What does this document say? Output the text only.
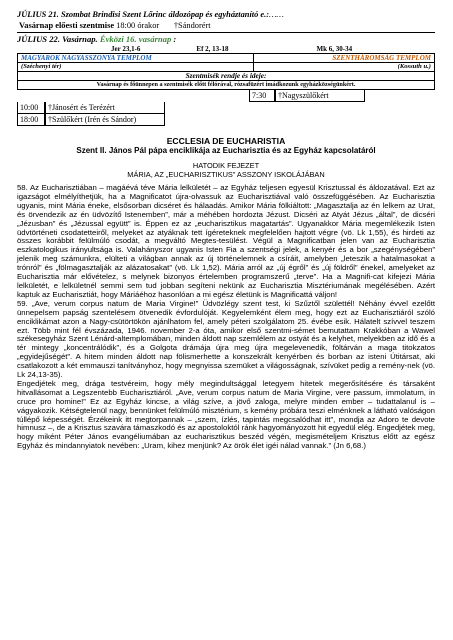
JÚLIUS 21. Szombat Brindisi Szent Lőrinc áldozópap és egyháztanító e.:……
Vasárnap előesti szentmise 18:00 órakor †Sándorért
JÚLIUS 22. Vasárnap. Évközi 16. vasárnap :
Jer 23,1-6	Ef 2, 13-18	Mk 6, 30-34
MAGYAROK NAGYASSZONYA TEMPLOM	SZENTHÁROMSÁG TEMPLOM
(Széchenyi tér)	(Kossuth u.)
Szentmisék rendje és ideje:	
Vasárnap és főünnepen a szentmisék előtt félórával, rózsafüzért imádkozunk egyházközségünkért.	
7:30	†Nagyszülőkért
10:00	†Jánosért és Terézért
18:00	†Szülőkért (Irén és Sándor)
ECCLESIA DE EUCHARISTIA
Szent II. János Pál pápa enciklikája az Eucharisztia és az Egyház kapcsolatáról
HATODIK FEJEZET
MÁRIA, AZ „EUCHARISZTIKUS” ASSZONY ISKOLÁJÁBAN

58. Az Eucharisztiában – magáévá téve Mária lelkületét – az Egyház teljesen egyesül Krisztussal és áldozatával. Ezt az igazságot elmélyíthetjük, ha a Magnificatot újra-olvassuk az Eucharisztiával való összefüggésében. Az Eucharisztia ugyanis, mint Mária éneke, elsősorban dicséret és hálaadás. Amikor Mária fölkiáltott: „Magasztalja az én lelkem az Urat, és örvendezik az én üdvözítő Istenemben”, már a méhében hordozta Jézust. Dicséri az Atyát Jézus „által”, de dicséri „Jézusban” és „Jézussal együtt” is. Éppen ez az „eucharisztikus magatartás”. Ugyanakkor Mária megemlékezik Isten üdvtörténeti csodatetteiről, melyeket az atyáknak tett ígéreteknek megfelelően hajtott végre (vö. Lk 1,55), és hirdeti az összes korábbit felülmúló csodát, a megváltó Megtes-tesülést. Végül a Magnificatban jelen van az Eucharisztia eszkatologikus irányultsága is. Valahányszor ugyanis Isten Fia a szentségi jelek, a kenyér és a bor „szegénységében” jelenik meg számunkra, elülteti a világban annak az új történelemnek a csíráit, amelyben „leteszik a hatalmasokat a trónról” és „fölmagasztalják az alázatosakat” (vö. Lk 1,52). Mária arról az „új égről” és „új földről” énekel, amelyeket az Eucharisztia már elővételez, s melynek bizonyos értelemben programszerű „terve”. Ha a Magnifi-cat kifejezi Mária lelkületét, e lelkületnél semmi sem tud jobban segíteni nekünk az Eucharisztia Misztériumának megélésében. Azért kaptuk az Eucharisztiát, hogy Máriáéhoz hasonlóan a mi egész életünk is Magnificattá váljon!

59. „Ave, verum corpus natum de Maria Virgine!” Üdvözlégy szent test, ki Szűztől születtél! Néhány évvel ezelőtt ünnepelsem papság szentelésem ötvenedik évfordulóját. Kegyelemként élem meg, hogy ezt az Eucharisztiáról szóló enciklikámat azon a Nagy-csütörtökön ajánlhatom fel, amely péteri szolgálatom 25. évébe esik. Hálatelt szívvel teszem ezt. Több mint fél évszázada, 1946. november 2-a óta, amikor első szentmi-sémet bemutattam Krakkóban a Wawel székesegyház Szent Lénárd-altemplomában, minden áldott nap szemlélem az ostyát és a kelyhet, melyekben az idő és a tér mintegy „koncentrálódik”, és a Golgota drámája újra meg újra megelevenedik, föltárván a maga titokzatos „egyidejűségét”. A hitem minden áldott nap fölismerhette a konszekrált kenyérben és borban az isteni Útitársat, aki csatlakozott a két emmauszi tanítványhoz, hogy megnyissa szemüket a világosságnak, szívüket pedig a remény-nek (vö. Lk 24,13-35).

Engedjétek meg, drága testvéreim, hogy mély megindultsággal letegyem hitetek megerősítésére és társaként hitvallásomat a Legszentebb Eucharisztiáról. „Ave, verum corpus natum de Maria Virgine, vere passum, immolatum, in cruce pro homine!” Ez az Egyház kincse, a világ szíve, a jövő zaloga, melyre minden ember – tudattalanul is – vágyakozik. Kétségtelenül nagy, bennünket felülmúló misztérium, s kemény próbára teszi elménknek a látható valóságon túllépő képességét. Érzékeink itt megtorpannak – „szem, ízlés, tapintás megcsalódhat itt”, mondja az Adoro te devote himnusz –, de a Krisztus szavára támaszkodó és az apostoloktól ránk hagyományozott hit egyedül elég. Engedjétek meg, hogy miként Péter János evangéliumában az eucharisztikus beszéd végén, megismételjem Krisztus előtt az egész Egyház és mindannyiatok nevében: „Uram, kihez menjünk? Az örök élet igéi nálad vannak.” (Jn 6,68.)
